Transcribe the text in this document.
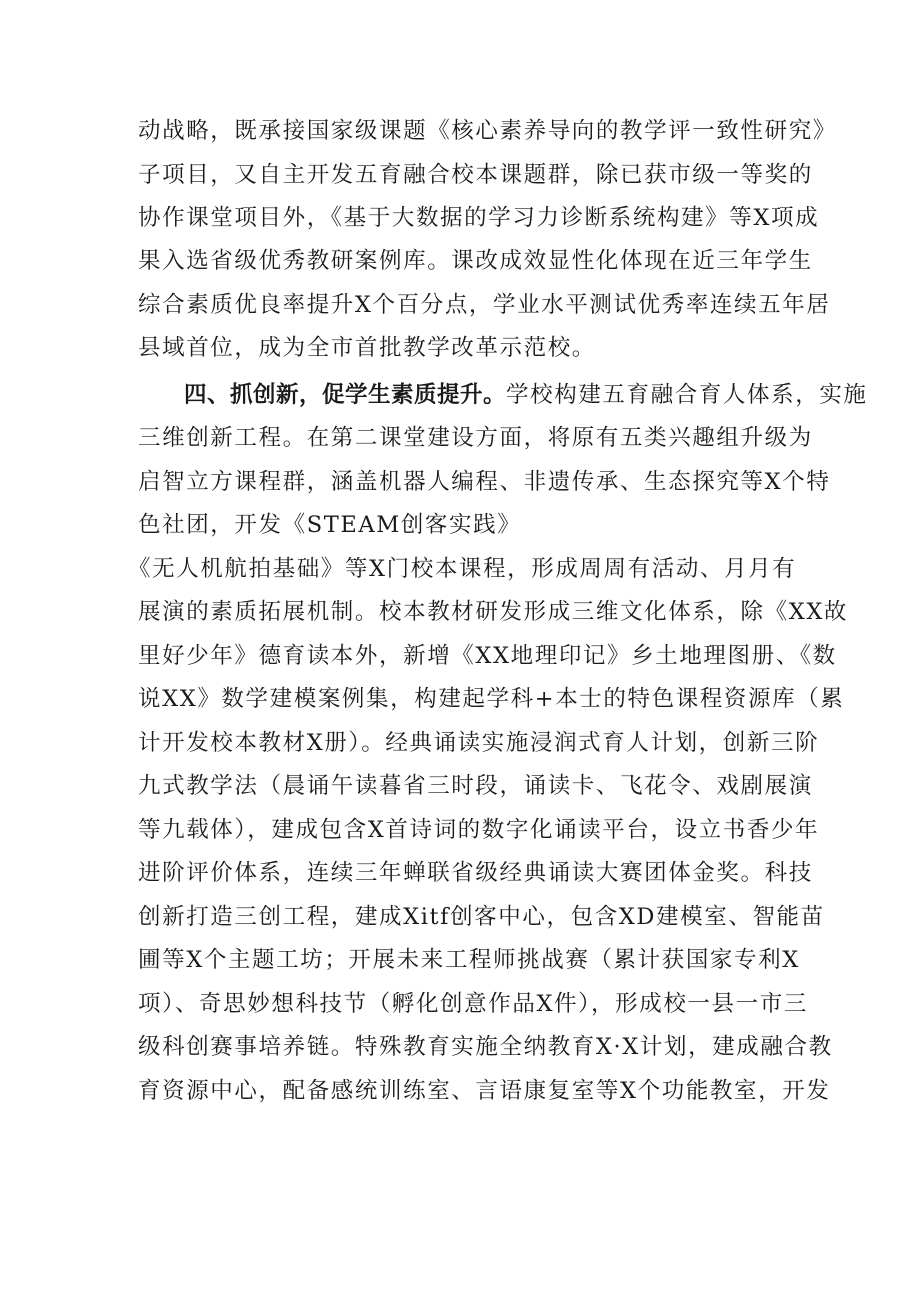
动战略，既承接国家级课题《核心素养导向的教学评一致性研究》
子项目，又自主开发五育融合校本课题群，除已获市级一等奖的
协作课堂项目外，《基于大数据的学习力诊断系统构建》等X项成
果入选省级优秀教研案例库。课改成效显性化体现在近三年学生
综合素质优良率提升X个百分点，学业水平测试优秀率连续五年居
县域首位，成为全市首批教学改革示范校。
四、抓创新，促学生素质提升。学校构建五育融合育人体系，实施
三维创新工程。在第二课堂建设方面，将原有五类兴趣组升级为
启智立方课程群，涵盖机器人编程、非遗传承、生态探究等X个特
色社团，开发《STEAM创客实践》
《无人机航拍基础》等X门校本课程，形成周周有活动、月月有
展演的素质拓展机制。校本教材研发形成三维文化体系，除《XX故
里好少年》德育读本外，新增《XX地理印记》乡土地理图册、《数
说XX》数学建模案例集，构建起学科+本士的特色课程资源库（累
计开发校本教材X册）。经典诵读实施浸润式育人计划，创新三阶
九式教学法（晨诵午读暮省三时段，诵读卡、飞花令、戏剧展演
等九载体），建成包含X首诗词的数字化诵读平台，设立书香少年
进阶评价体系，连续三年蝉联省级经典诵读大赛团体金奖。科技
创新打造三创工程，建成Xitf创客中心，包含XD建模室、智能苗
圃等X个主题工坊；开展未来工程师挑战赛（累计获国家专利X
项）、奇思妙想科技节（孵化创意作品X件），形成校一县一市三
级科创赛事培养链。特殊教育实施全纳教育X·X计划，建成融合教
育资源中心，配备感统训练室、言语康复室等X个功能教室，开发
